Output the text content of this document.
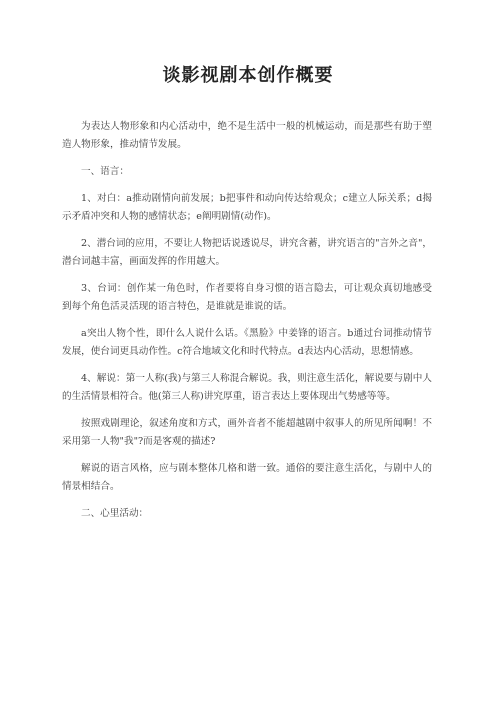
谈影视剧本创作概要

为表达人物形象和内心活动中，绝不是生活中一般的机械运动，而是那些有助于塑造人物形象，推动情节发展。

一、语言：

1、对白：a推动剧情向前发展；b把事件和动向传达给观众；c建立人际关系；d揭示矛盾冲突和人物的感情状态；e阐明剧情(动作)。

2、潜台词的应用，不要让人物把话说透说尽，讲究含蓄，讲究语言的"言外之音"，潜台词越丰富，画面发挥的作用越大。

3、台词：创作某一角色时，作者要将自身习惯的语言隐去，可让观众真切地感受到每个角色活灵活现的语言特色，是谁就是谁说的话。

a突出人物个性，即什么人说什么话。《黑脸》中姜锋的语言。b通过台词推动情节发展，使台词更具动作性。c符合地域文化和时代特点。d表达内心活动，思想情感。

4、解说：第一人称(我)与第三人称混合解说。我，则注意生活化，解说要与剧中人的生活情景相符合。他(第三人称)讲究厚重，语言表达上要体现出气势感等等。

按照戏剧理论，叙述角度和方式，画外音者不能超越剧中叙事人的所见所闻啊！不采用第一人物"我"?而是客观的描述?

解说的语言风格，应与剧本整体几格和谐一致。通俗的要注意生活化，与剧中人的情景相结合。

二、心里活动：
